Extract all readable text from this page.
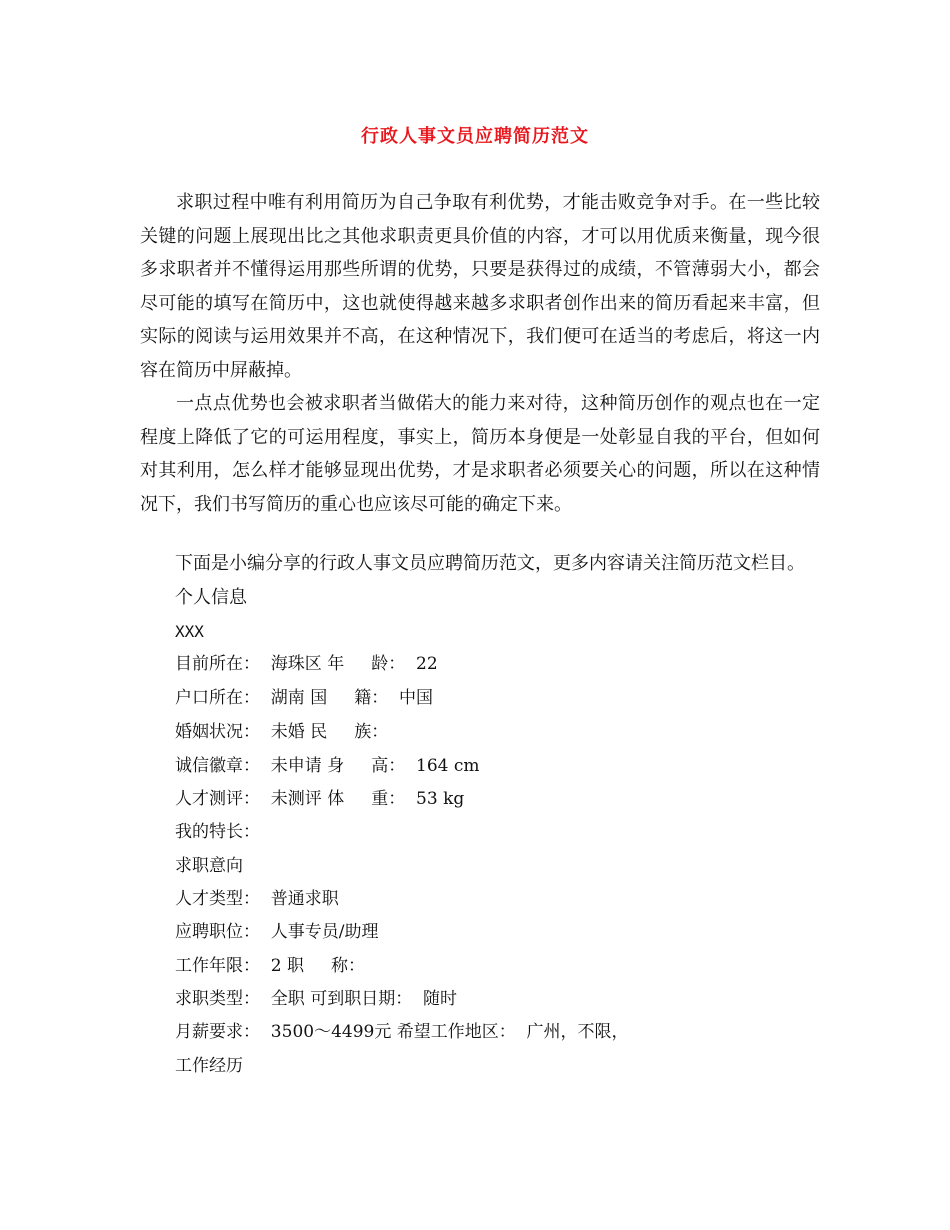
行政人事文员应聘简历范文

求职过程中唯有利用简历为自己争取有利优势，才能击败竞争对手。在一些比较关键的问题上展现出比之其他求职责更具价值的内容，才可以用优质来衡量，现今很多求职者并不懂得运用那些所谓的优势，只要是获得过的成绩，不管薄弱大小，都会尽可能的填写在简历中，这也就使得越来越多求职者创作出来的简历看起来丰富，但实际的阅读与运用效果并不高，在这种情况下，我们便可在适当的考虑后，将这一内容在简历中屏蔽掉。

一点点优势也会被求职者当做偌大的能力来对待，这种简历创作的观点也在一定程度上降低了它的可运用程度，事实上，简历本身便是一处彰显自我的平台，但如何对其利用，怎么样才能够显现出优势，才是求职者必须要关心的问题，所以在这种情况下，我们书写简历的重心也应该尽可能的确定下来。

下面是小编分享的行政人事文员应聘简历范文，更多内容请关注简历范文栏目。
个人信息
XXX
目前所在：  海珠区 年     龄：  22
户口所在：  湖南 国     籍：  中国
婚姻状况：  未婚 民     族：
诚信徽章：  未申请 身     高：  164 cm
人才测评：  未测评 体     重：  53 kg
我的特长：
求职意向
人才类型：  普通求职
应聘职位：  人事专员/助理
工作年限：  2 职     称：
求职类型：  全职 可到职日期：  随时
月薪要求：  3500～4499元 希望工作地区：  广州，不限，
工作经历
